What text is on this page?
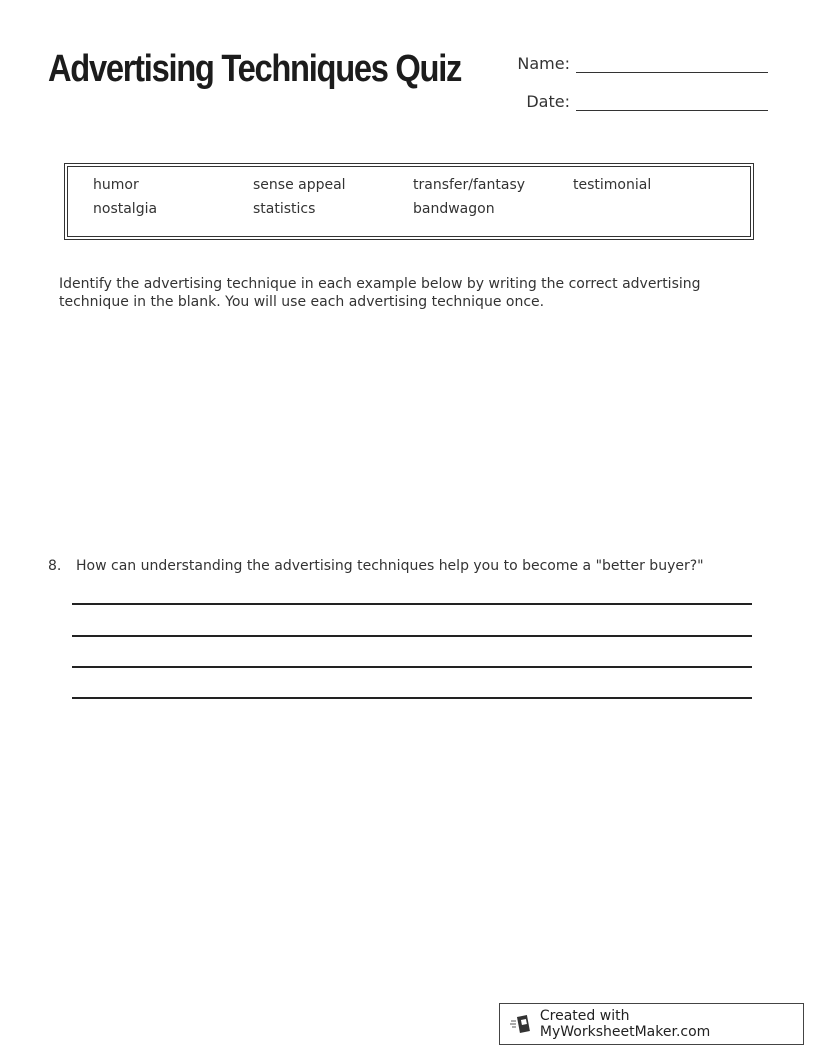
Advertising Techniques Quiz	Name:
Date:
humor	sense appeal	transfer/fantasy	testimonial
nostalgia	statistics	bandwagon
Identify the advertising technique in each example below by writing the correct advertising technique in the blank. You will use each advertising technique once.
8.	How can understanding the advertising techniques help you to become a "better buyer?"
Created with MyWorksheetMaker.com
